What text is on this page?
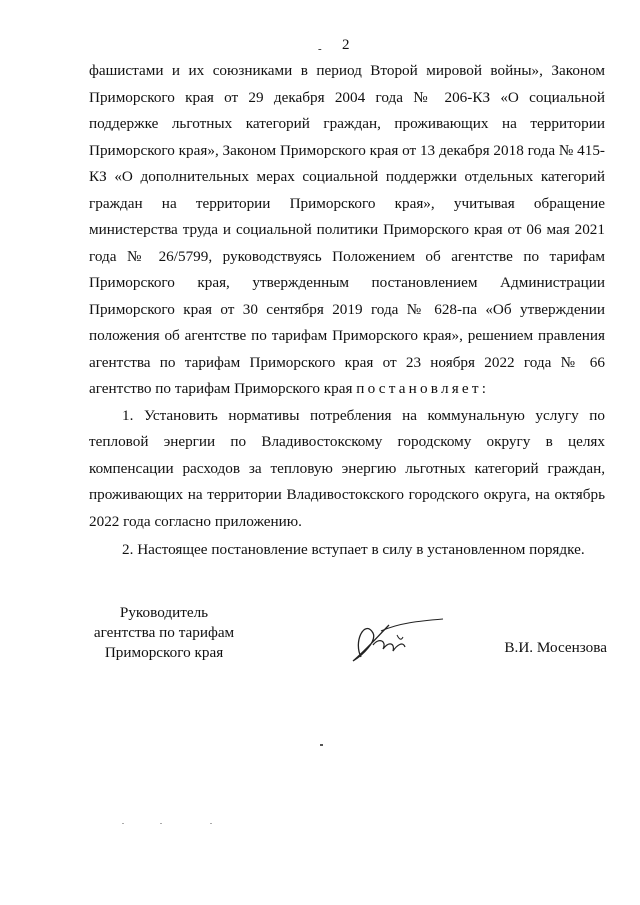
- 2

фашистами и их союзниками в период Второй мировой войны», Законом Приморского края от 29 декабря 2004 года № 206-КЗ «О социальной поддержке льготных категорий граждан, проживающих на территории Приморского края», Законом Приморского края от 13 декабря 2018 года № 415-КЗ «О дополнительных мерах социальной поддержки отдельных категорий граждан на территории Приморского края», учитывая обращение министерства труда и социальной политики Приморского края от 06 мая 2021 года № 26/5799, руководствуясь Положением об агентстве по тарифам Приморского края, утвержденным постановлением Администрации Приморского края от 30 сентября 2019 года № 628-па «Об утверждении положения об агентстве по тарифам Приморского края», решением правления агентства по тарифам Приморского края от 23 ноября 2022 года № 66 агентство по тарифам Приморского края постановляет:

1. Установить нормативы потребления на коммунальную услугу по тепловой энергии по Владивостокскому городскому округу в целях компенсации расходов за тепловую энергию льготных категорий граждан, проживающих на территории Владивостокского городского округа, на октябрь 2022 года согласно приложению.

2. Настоящее постановление вступает в силу в установленном порядке.

Руководитель
агентства по тарифам
Приморского края	В.И. Мосензова
